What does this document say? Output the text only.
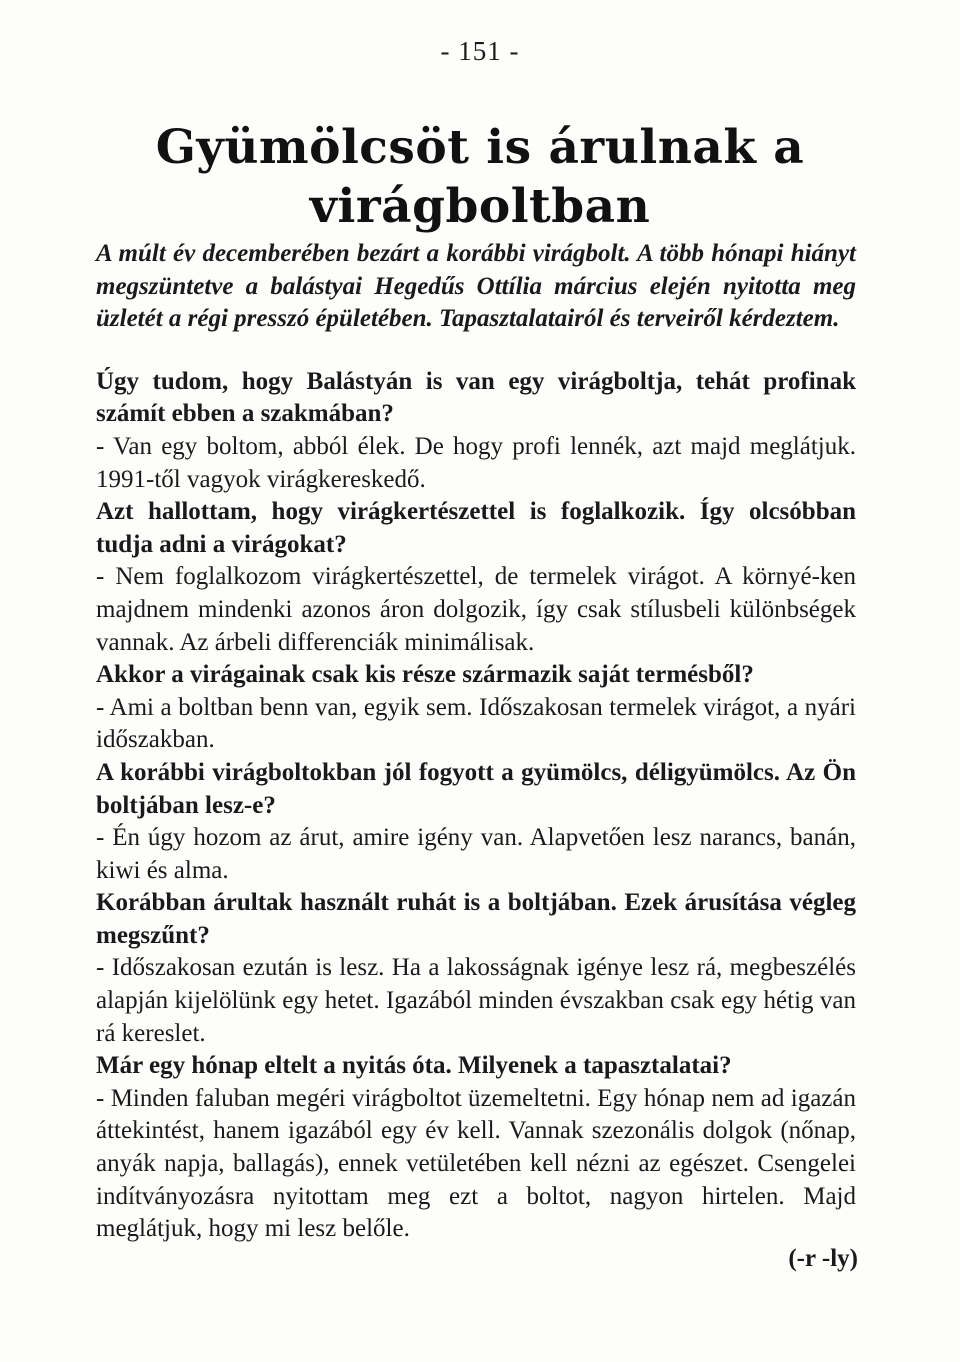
- 151 -
Gyümölcsöt is árulnak a virágboltban

A múlt év decemberében bezárt a korábbi virágbolt. A több hónapi hiányt megszüntetve a balástyai Hegedűs Ottília március elején nyitotta meg üzletét a régi presszó épületében. Tapasztalatairól és terveiről kérdeztem.

Úgy tudom, hogy Balástyán is van egy virágboltja, tehát profinak számít ebben a szakmában?

- Van egy boltom, abból élek. De hogy profi lennék, azt majd meglátjuk. 1991-től vagyok virágkereskedő.

Azt hallottam, hogy virágkertészettel is foglalkozik. Így olcsóbban tudja adni a virágokat?

- Nem foglalkozom virágkertészettel, de termelek virágot. A környé-ken majdnem mindenki azonos áron dolgozik, így csak stílusbeli különbségek vannak. Az árbeli differenciák minimálisak.

Akkor a virágainak csak kis része származik saját termésből?

- Ami a boltban benn van, egyik sem. Időszakosan termelek virágot, a nyári időszakban.

A korábbi virágboltokban jól fogyott a gyümölcs, déligyümölcs. Az Ön boltjában lesz-e?

- Én úgy hozom az árut, amire igény van. Alapvetően lesz narancs, banán, kiwi és alma.

Korábban árultak használt ruhát is a boltjában. Ezek árusítása végleg megszűnt?

- Időszakosan ezután is lesz. Ha a lakosságnak igénye lesz rá, megbeszélés alapján kijelölünk egy hetet. Igazából minden évszakban csak egy hétig van rá kereslet.

Már egy hónap eltelt a nyitás óta. Milyenek a tapasztalatai?

- Minden faluban megéri virágboltot üzemeltetni. Egy hónap nem ad igazán áttekintést, hanem igazából egy év kell. Vannak szezonális dolgok (nőnap, anyák napja, ballagás), ennek vetületében kell nézni az egészet. Csengelei indítványozásra nyitottam meg ezt a boltot, nagyon hirtelen. Majd meglátjuk, hogy mi lesz belőle.

(-r -ly)
